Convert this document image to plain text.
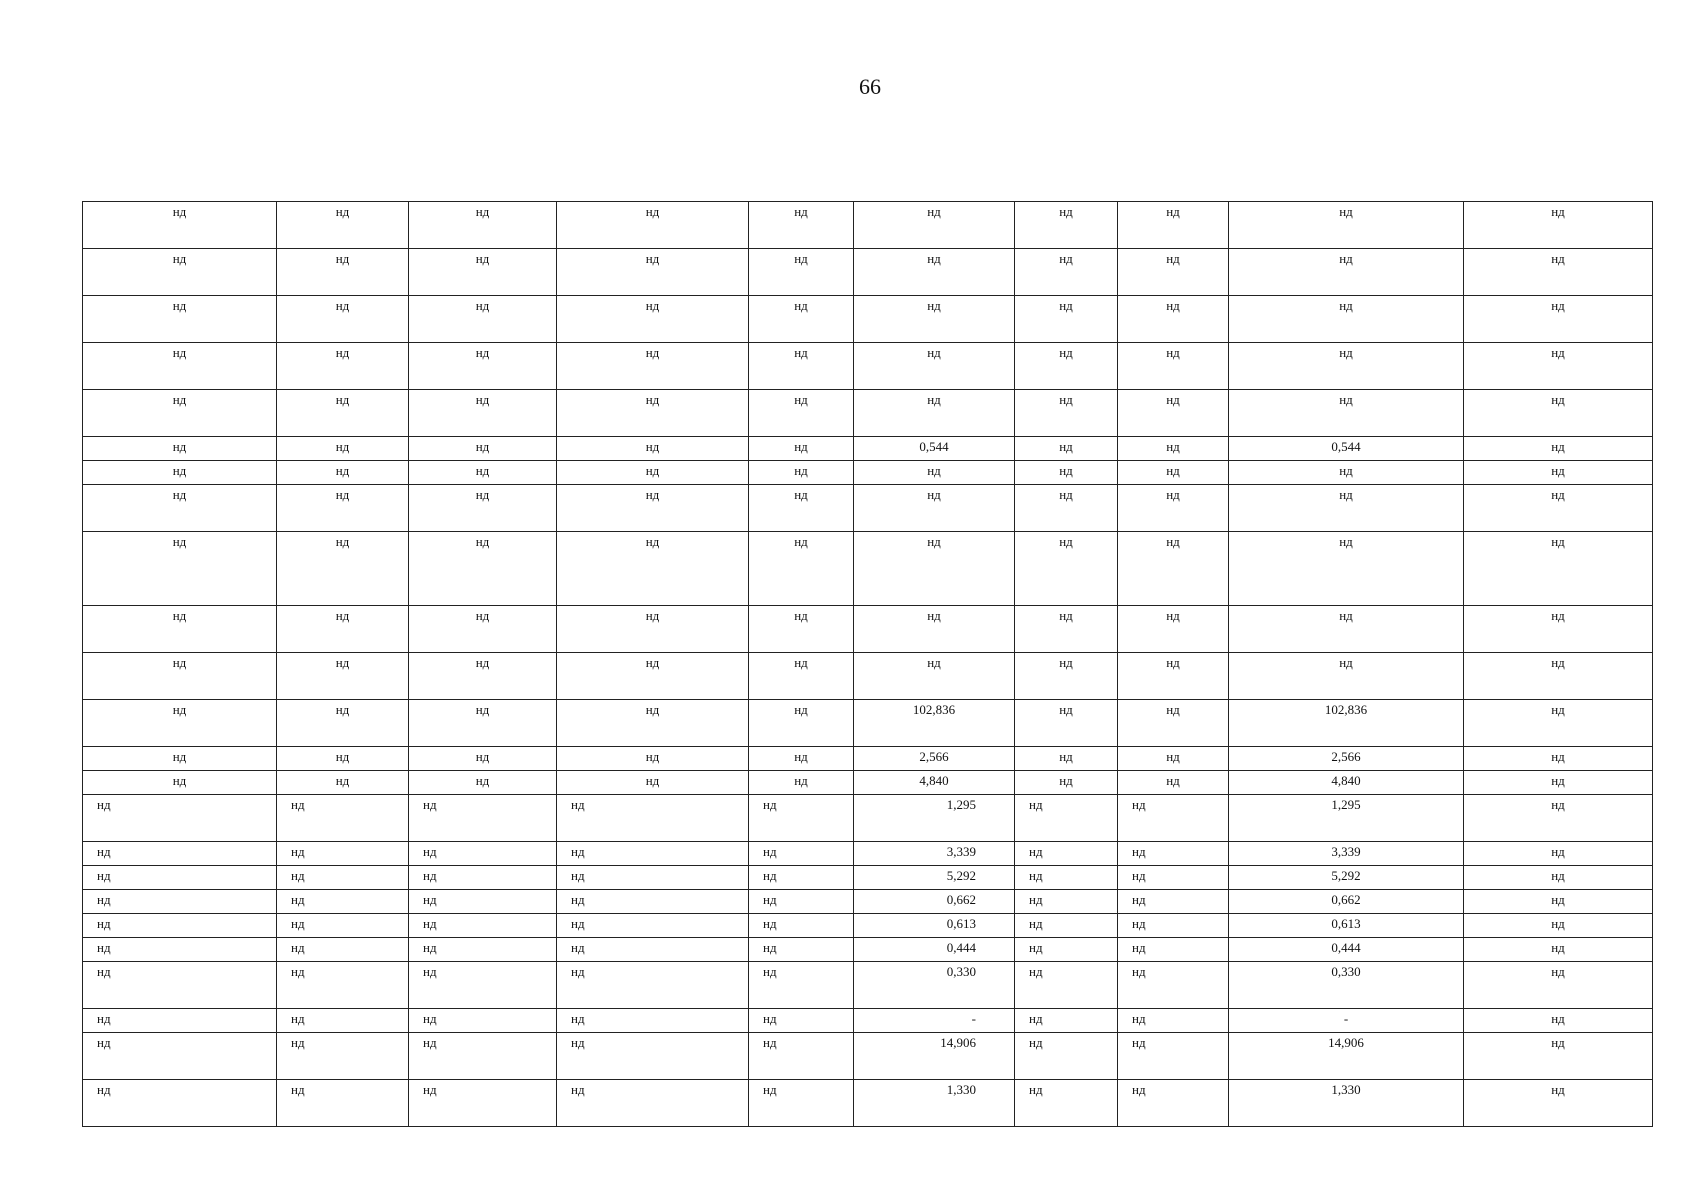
66
нд	нд	нд	нд	нд	нд	нд	нд	нд	нд
нд	нд	нд	нд	нд	нд	нд	нд	нд	нд
нд	нд	нд	нд	нд	нд	нд	нд	нд	нд
нд	нд	нд	нд	нд	нд	нд	нд	нд	нд
нд	нд	нд	нд	нд	нд	нд	нд	нд	нд
нд	нд	нд	нд	нд	0,544	нд	нд	0,544	нд
нд	нд	нд	нд	нд	нд	нд	нд	нд	нд
нд	нд	нд	нд	нд	нд	нд	нд	нд	нд
нд	нд	нд	нд	нд	нд	нд	нд	нд	нд
нд	нд	нд	нд	нд	нд	нд	нд	нд	нд
нд	нд	нд	нд	нд	нд	нд	нд	нд	нд
нд	нд	нд	нд	нд	102,836	нд	нд	102,836	нд
нд	нд	нд	нд	нд	2,566	нд	нд	2,566	нд
нд	нд	нд	нд	нд	4,840	нд	нд	4,840	нд
нд	нд	нд	нд	нд	1,295	нд	нд	1,295	нд
нд	нд	нд	нд	нд	3,339	нд	нд	3,339	нд
нд	нд	нд	нд	нд	5,292	нд	нд	5,292	нд
нд	нд	нд	нд	нд	0,662	нд	нд	0,662	нд
нд	нд	нд	нд	нд	0,613	нд	нд	0,613	нд
нд	нд	нд	нд	нд	0,444	нд	нд	0,444	нд
нд	нд	нд	нд	нд	0,330	нд	нд	0,330	нд
нд	нд	нд	нд	нд	-	нд	нд	-	нд
нд	нд	нд	нд	нд	14,906	нд	нд	14,906	нд
нд	нд	нд	нд	нд	1,330	нд	нд	1,330	нд
